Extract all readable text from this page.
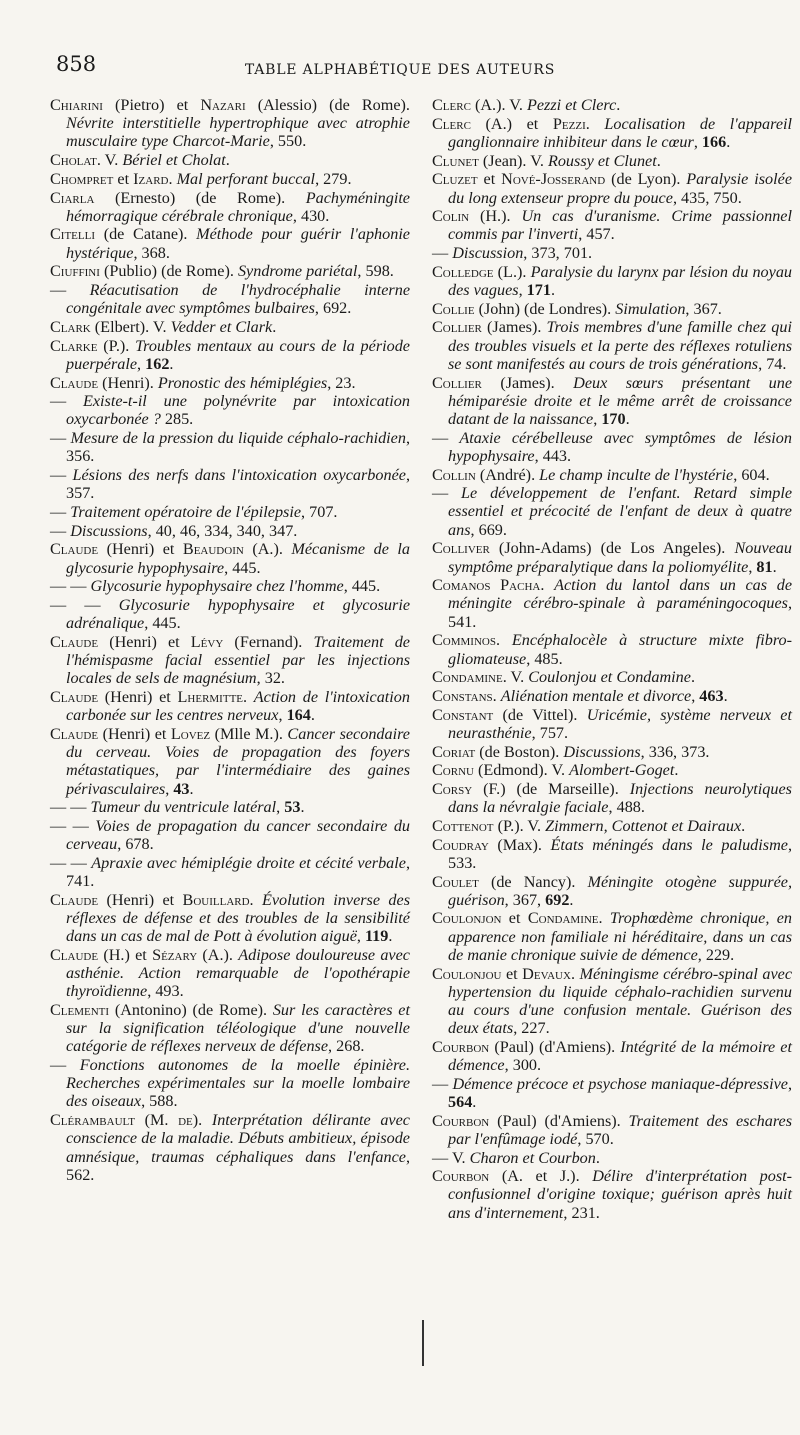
858	TABLE ALPHABÉTIQUE DES AUTEURS

Chiarini (Pietro) et Nazari (Alessio) (de Rome). Névrite interstitielle hypertrophique avec atrophie musculaire type Charcot-Marie, 550.

Cholat. V. Bériel et Cholat.

Chompret et Izard. Mal perforant buccal, 279.

Ciarla (Ernesto) (de Rome). Pachyméningite hémorragique cérébrale chronique, 430.

Citelli (de Catane). Méthode pour guérir l'aphonie hystérique, 368.

Ciuffini (Publio) (de Rome). Syndrome pariétal, 598.

— Réacutisation de l'hydrocéphalie interne congénitale avec symptômes bulbaires, 692.

Clark (Elbert). V. Vedder et Clark.

Clarke (P.). Troubles mentaux au cours de la période puerpérale, 162.

Claude (Henri). Pronostic des hémiplégies, 23.

— Existe-t-il une polynévrite par intoxication oxycarbonée ? 285.

— Mesure de la pression du liquide céphalo-rachidien, 356.

— Lésions des nerfs dans l'intoxication oxycarbonée, 357.

— Traitement opératoire de l'épilepsie, 707.

— Discussions, 40, 46, 334, 340, 347.

Claude (Henri) et Beaudoin (A.). Mécanisme de la glycosurie hypophysaire, 445.

— — Glycosurie hypophysaire chez l'homme, 445.

— — Glycosurie hypophysaire et glycosurie adrénalique, 445.

Claude (Henri) et Lévy (Fernand). Traitement de l'hémispasme facial essentiel par les injections locales de sels de magnésium, 32.

Claude (Henri) et Lhermitte. Action de l'intoxication carbonée sur les centres nerveux, 164.

Claude (Henri) et Lovez (Mlle M.). Cancer secondaire du cerveau. Voies de propagation des foyers métastatiques, par l'intermédiaire des gaines périvasculaires, 43.

— — Tumeur du ventricule latéral, 53.

— — Voies de propagation du cancer secondaire du cerveau, 678.

— — Apraxie avec hémiplégie droite et cécité verbale, 741.

Claude (Henri) et Bouillard. Évolution inverse des réflexes de défense et des troubles de la sensibilité dans un cas de mal de Pott à évolution aiguë, 119.

Claude (H.) et Sézary (A.). Adipose douloureuse avec asthénie. Action remarquable de l'opothérapie thyroïdienne, 493.

Clementi (Antonino) (de Rome). Sur les caractères et sur la signification téléologique d'une nouvelle catégorie de réflexes nerveux de défense, 268.

— Fonctions autonomes de la moelle épinière. Recherches expérimentales sur la moelle lombaire des oiseaux, 588.

Clérambault (M. de). Interprétation délirante avec conscience de la maladie. Débuts ambitieux, épisode amnésique, traumas céphaliques dans l'enfance, 562.

Clerc (A.). V. Pezzi et Clerc.

Clerc (A.) et Pezzi. Localisation de l'appareil ganglionnaire inhibiteur dans le cœur, 166.

Clunet (Jean). V. Roussy et Clunet.

Cluzet et Nové-Josserand (de Lyon). Paralysie isolée du long extenseur propre du pouce, 435, 750.

Colin (H.). Un cas d'uranisme. Crime passionnel commis par l'inverti, 457.

— Discussion, 373, 701.

Colledge (L.). Paralysie du larynx par lésion du noyau des vagues, 171.

Collie (John) (de Londres). Simulation, 367.

Collier (James). Trois membres d'une famille chez qui des troubles visuels et la perte des réflexes rotuliens se sont manifestés au cours de trois générations, 74.

Collier (James). Deux sœurs présentant une hémiparésie droite et le même arrêt de croissance datant de la naissance, 170.

— Ataxie cérébelleuse avec symptômes de lésion hypophysaire, 443.

Collin (André). Le champ inculte de l'hystérie, 604.

— Le développement de l'enfant. Retard simple essentiel et précocité de l'enfant de deux à quatre ans, 669.

Colliver (John-Adams) (de Los Angeles). Nouveau symptôme préparalytique dans la poliomyélite, 81.

Comanos Pacha. Action du lantol dans un cas de méningite cérébro-spinale à paraméningocoques, 541.

Comminos. Encéphalocèle à structure mixte fibro-gliomateuse, 485.

Condamine. V. Coulonjou et Condamine.

Constans. Aliénation mentale et divorce, 463.

Constant (de Vittel). Uricémie, système nerveux et neurasthénie, 757.

Coriat (de Boston). Discussions, 336, 373.

Cornu (Edmond). V. Alombert-Goget.

Corsy (F.) (de Marseille). Injections neurolytiques dans la névralgie faciale, 488.

Cottenot (P.). V. Zimmern, Cottenot et Dairaux.

Coudray (Max). États méningés dans le paludisme, 533.

Coulet (de Nancy). Méningite otogène suppurée, guérison, 367, 692.

Coulonjon et Condamine. Trophœdème chronique, en apparence non familiale ni héréditaire, dans un cas de manie chronique suivie de démence, 229.

Coulonjou et Devaux. Méningisme cérébro-spinal avec hypertension du liquide céphalo-rachidien survenu au cours d'une confusion mentale. Guérison des deux états, 227.

Courbon (Paul) (d'Amiens). Intégrité de la mémoire et démence, 300.

— Démence précoce et psychose maniaque-dépressive, 564.

Courbon (Paul) (d'Amiens). Traitement des eschares par l'enfûmage iodé, 570.

— V. Charon et Courbon.

Courbon (A. et J.). Délire d'interprétation post-confusionnel d'origine toxique; guérison après huit ans d'internement, 231.
